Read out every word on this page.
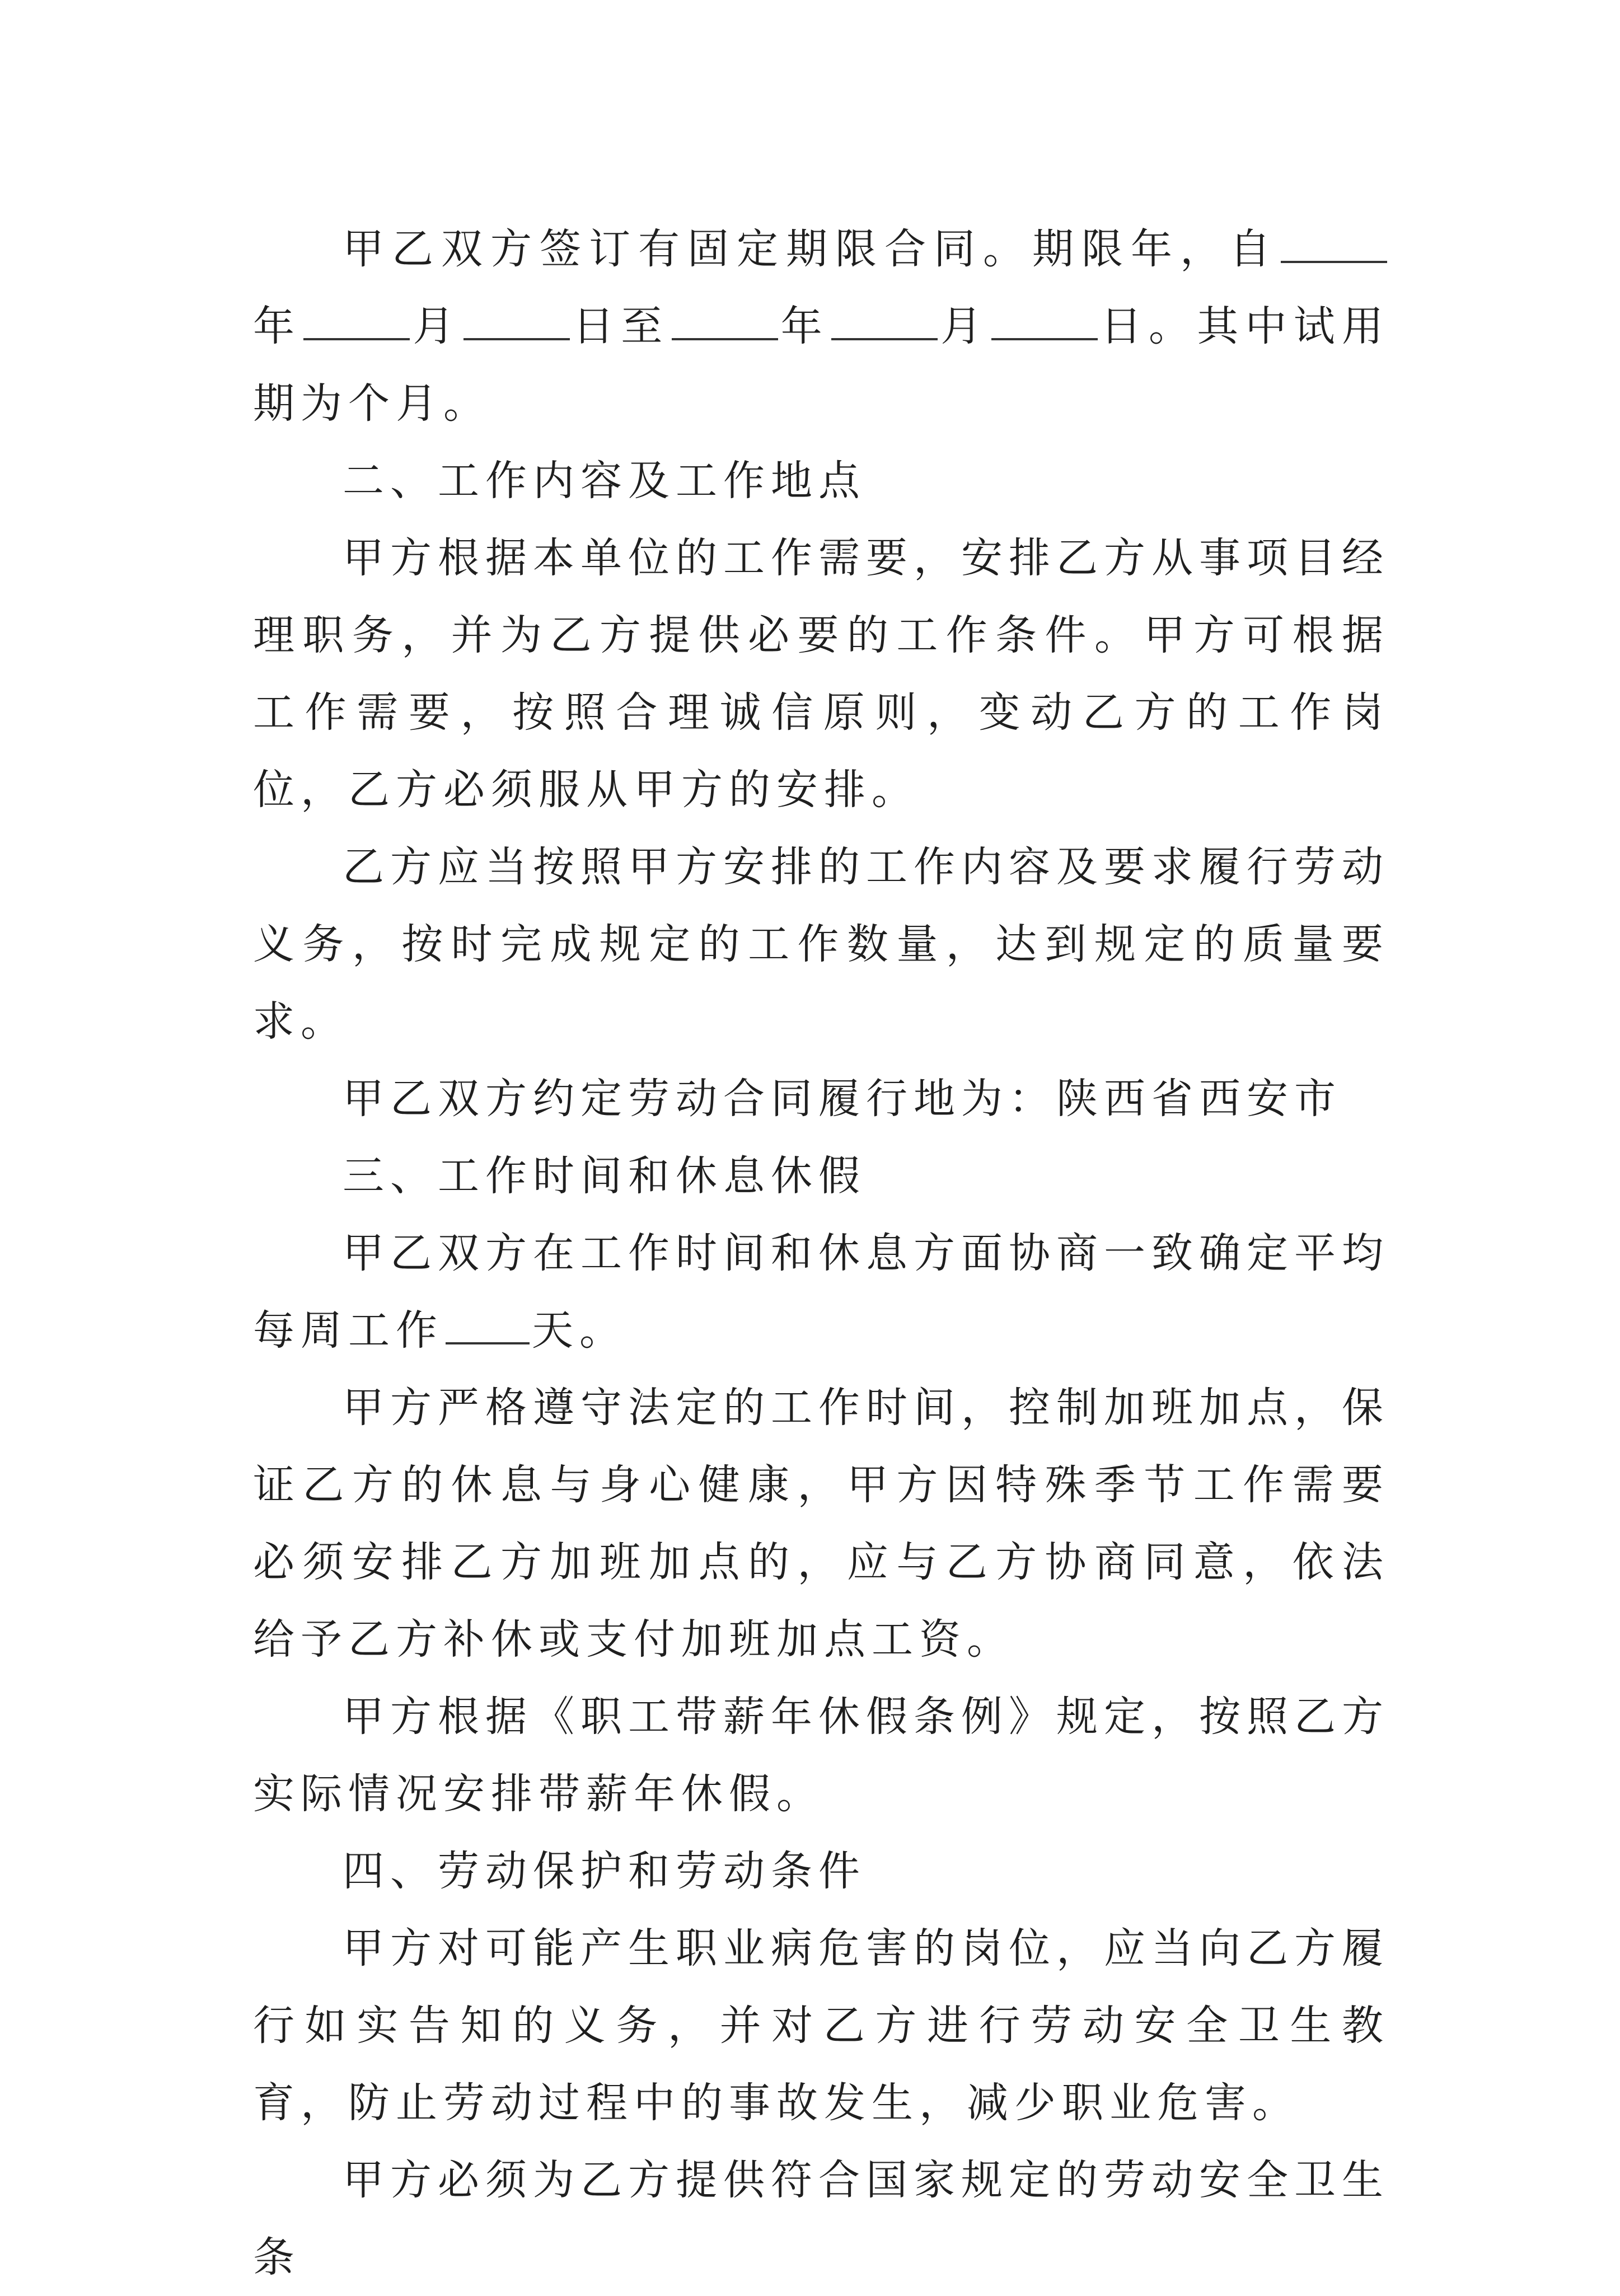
甲乙双方签订有固定期限合同。期限年，自年	月	日至	年	月	日。其中试用期为个月。

二、工作内容及工作地点

甲方根据本单位的工作需要，安排乙方从事项目经理职务，并为乙方提供必要的工作条件。甲方可根据工作需要，按照合理诚信原则，变动乙方的工作岗位，乙方必须服从甲方的安排。

乙方应当按照甲方安排的工作内容及要求履行劳动义务，按时完成规定的工作数量，达到规定的质量要求。

甲乙双方约定劳动合同履行地为：陕西省西安市

三、工作时间和休息休假

甲乙双方在工作时间和休息方面协商一致确定平均每周工作 天。

甲方严格遵守法定的工作时间，控制加班加点，保证乙方的休息与身心健康，甲方因特殊季节工作需要必须安排乙方加班加点的，应与乙方协商同意，依法给予乙方补休或支付加班加点工资。

甲方根据《职工带薪年休假条例》规定，按照乙方实际情况安排带薪年休假。

四、劳动保护和劳动条件

甲方对可能产生职业病危害的岗位，应当向乙方履行如实告知的义务，并对乙方进行劳动安全卫生教育，防止劳动过程中的事故发生，减少职业危害。

甲方必须为乙方提供符合国家规定的劳动安全卫生条
